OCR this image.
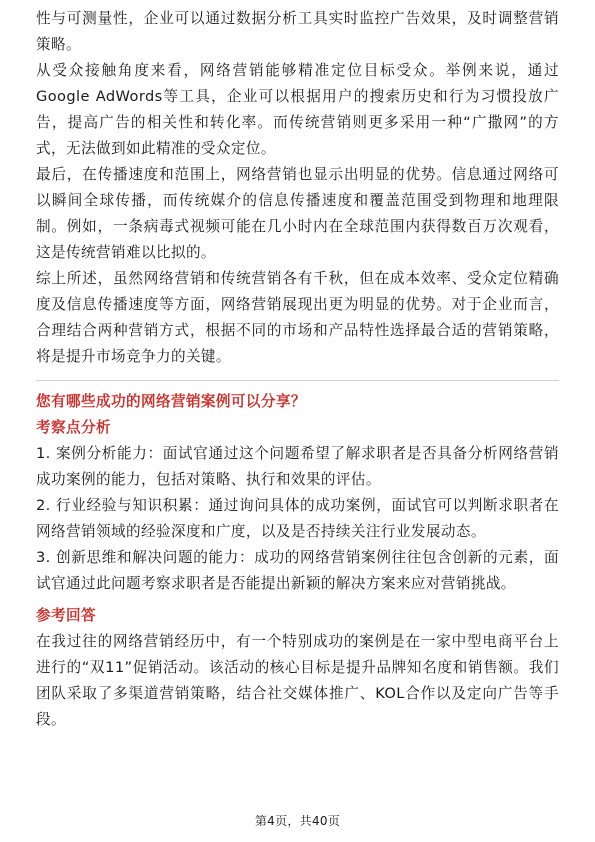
性与可测量性，企业可以通过数据分析工具实时监控广告效果，及时调整营销策略。

从受众接触角度来看，网络营销能够精准定位目标受众。举例来说，通过Google AdWords等工具，企业可以根据用户的搜索历史和行为习惯投放广告，提高广告的相关性和转化率。而传统营销则更多采用一种“广撒网”的方式，无法做到如此精准的受众定位。

最后，在传播速度和范围上，网络营销也显示出明显的优势。信息通过网络可以瞬间全球传播，而传统媒介的信息传播速度和覆盖范围受到物理和地理限制。例如，一条病毒式视频可能在几小时内在全球范围内获得数百万次观看，这是传统营销难以比拟的。

综上所述，虽然网络营销和传统营销各有千秋，但在成本效率、受众定位精确度及信息传播速度等方面，网络营销展现出更为明显的优势。对于企业而言，合理结合两种营销方式，根据不同的市场和产品特性选择最合适的营销策略，将是提升市场竞争力的关键。

您有哪些成功的网络营销案例可以分享？

考察点分析

1. 案例分析能力：面试官通过这个问题希望了解求职者是否具备分析网络营销成功案例的能力，包括对策略、执行和效果的评估。

2. 行业经验与知识积累：通过询问具体的成功案例，面试官可以判断求职者在网络营销领域的经验深度和广度，以及是否持续关注行业发展动态。

3. 创新思维和解决问题的能力：成功的网络营销案例往往包含创新的元素，面试官通过此问题考察求职者是否能提出新颖的解决方案来应对营销挑战。

参考回答

在我过往的网络营销经历中，有一个特别成功的案例是在一家中型电商平台上进行的“双11”促销活动。该活动的核心目标是提升品牌知名度和销售额。我们团队采取了多渠道营销策略，结合社交媒体推广、KOL合作以及定向广告等手段。

第4页，共40页
